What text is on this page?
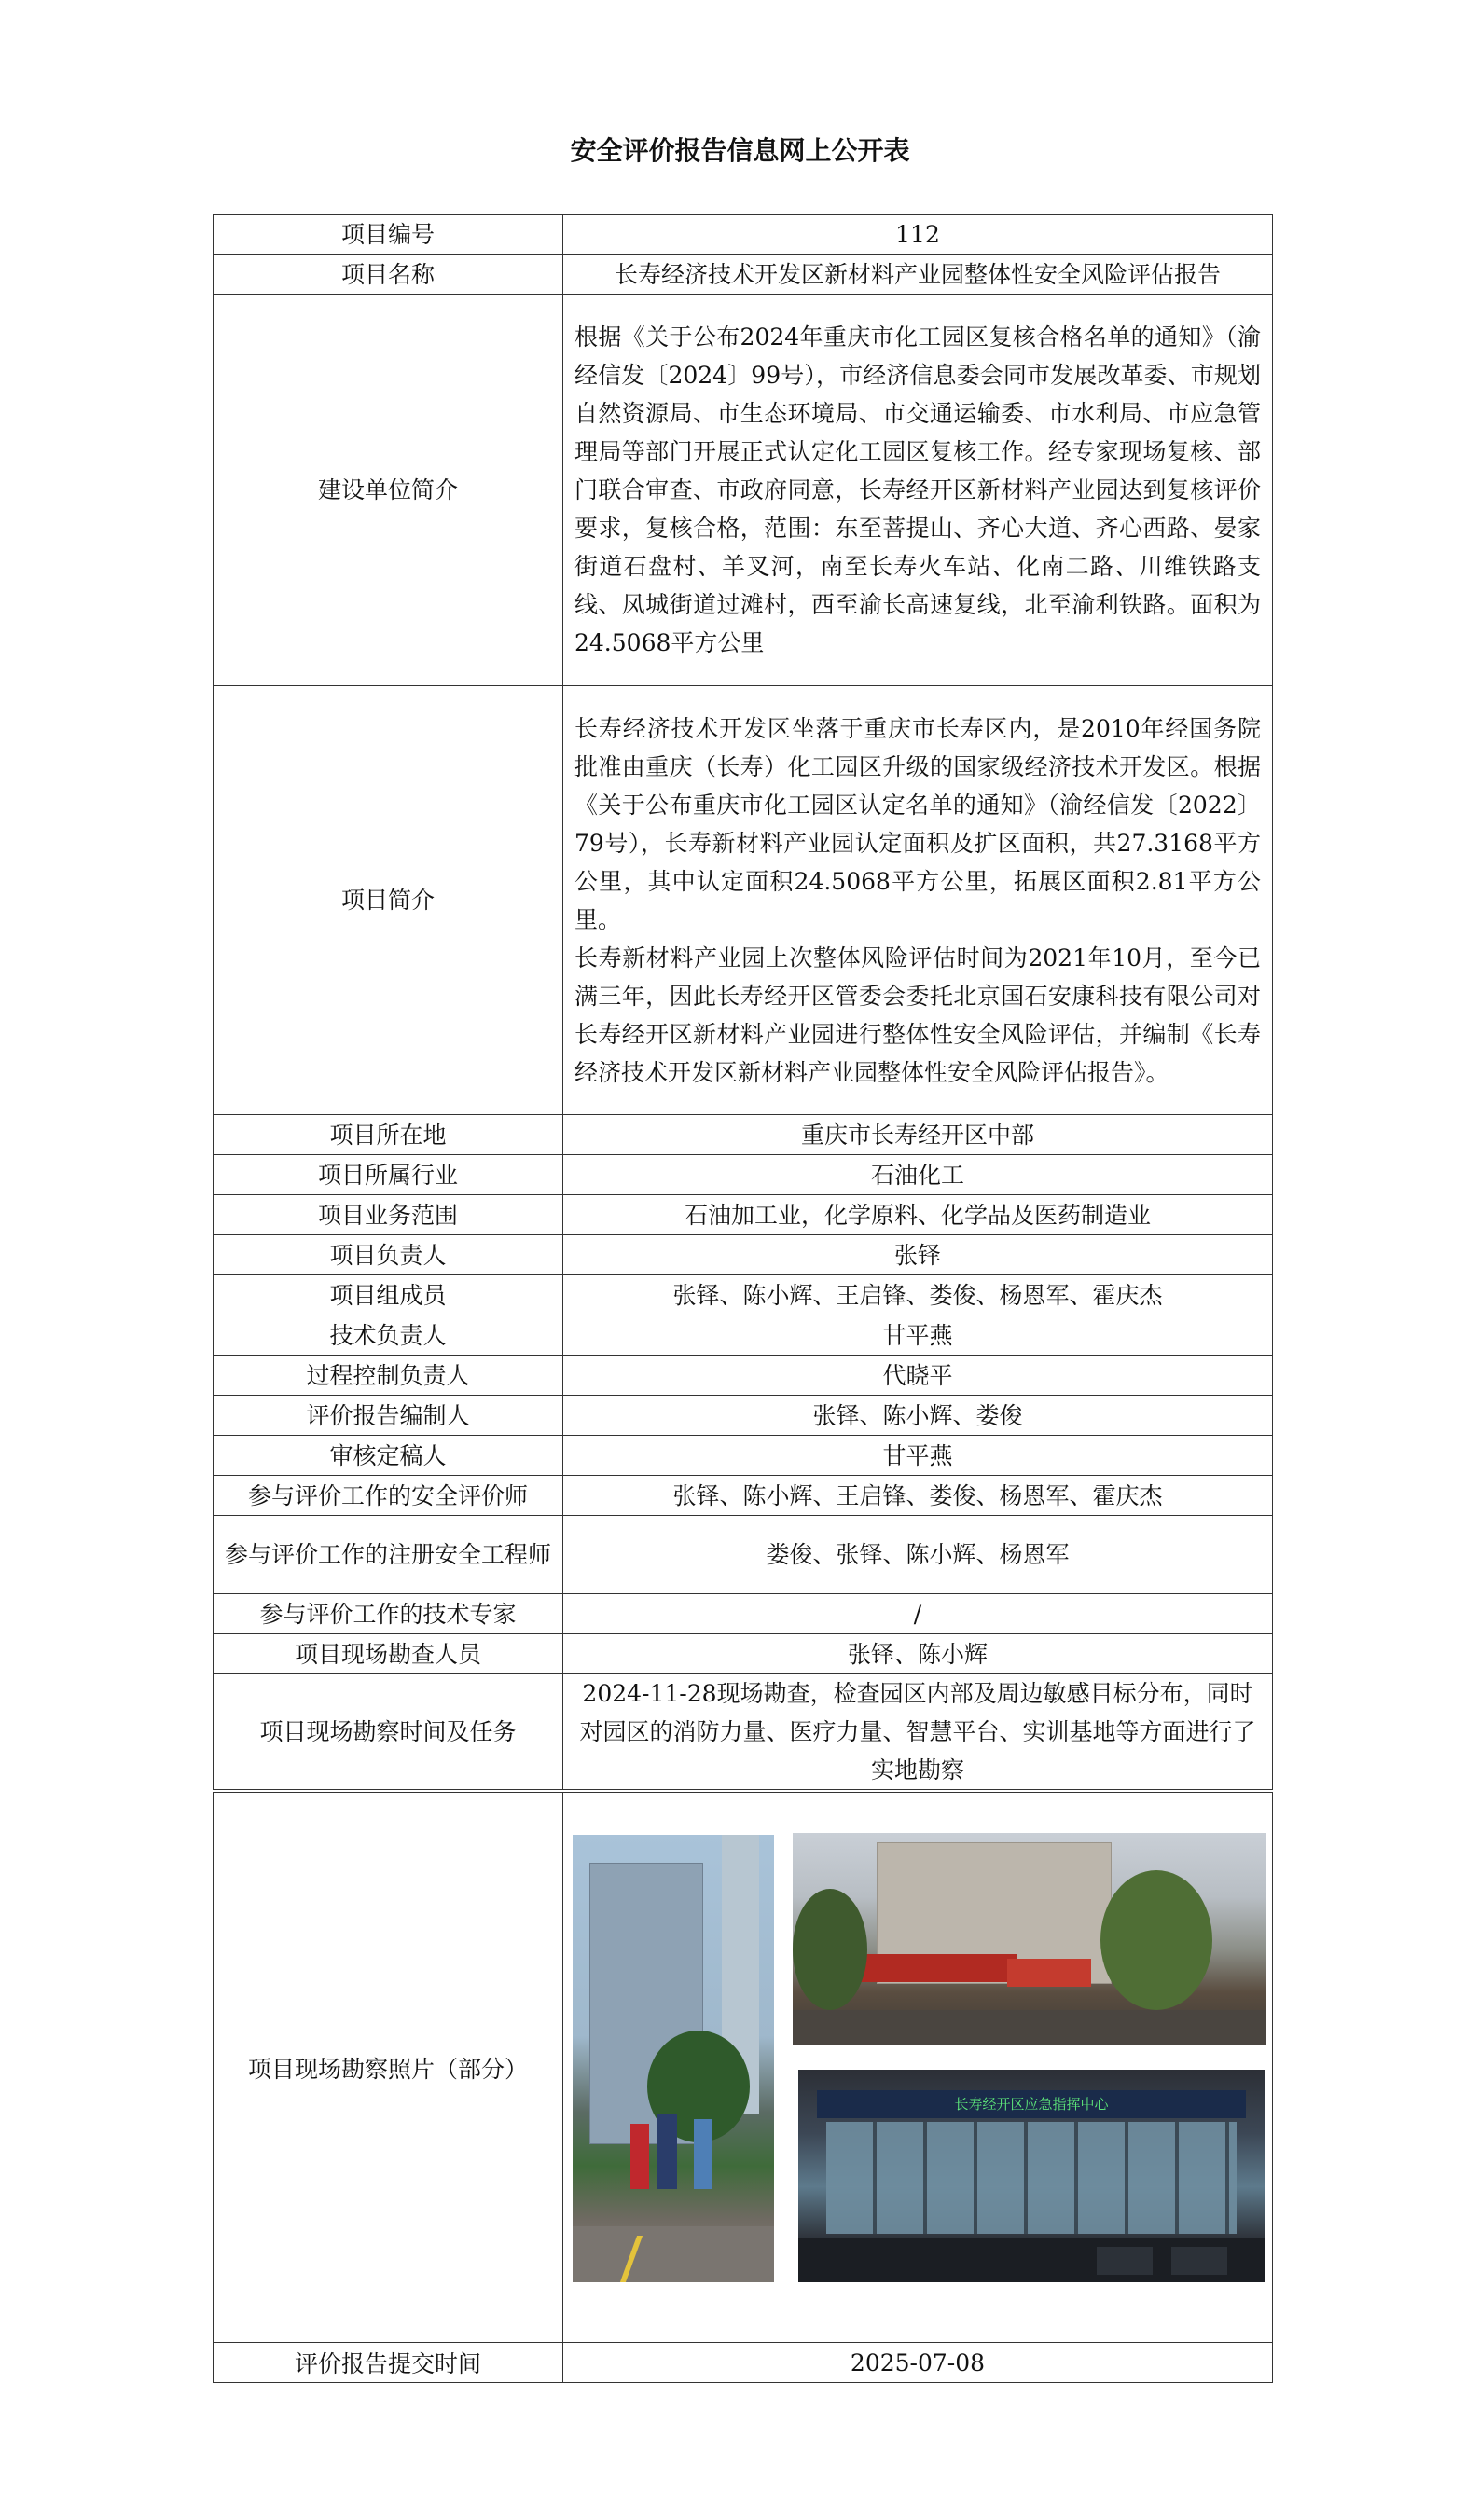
安全评价报告信息网上公开表
项目编号	112
项目名称	长寿经济技术开发区新材料产业园整体性安全风险评估报告
建设单位简介	根据《关于公布2024年重庆市化工园区复核合格名单的通知》（渝经信发〔2024〕99号），市经济信息委会同市发展改革委、市规划自然资源局、市生态环境局、市交通运输委、市水利局、市应急管理局等部门开展正式认定化工园区复核工作。经专家现场复核、部门联合审查、市政府同意，长寿经开区新材料产业园达到复核评价要求，复核合格，范围：东至菩提山、齐心大道、齐心西路、晏家街道石盘村、羊叉河，南至长寿火车站、化南二路、川维铁路支线、凤城街道过滩村，西至渝长高速复线，北至渝利铁路。面积为24.5068平方公里
项目简介	长寿经济技术开发区坐落于重庆市长寿区内，是2010年经国务院批准由重庆（长寿）化工园区升级的国家级经济技术开发区。根据《关于公布重庆市化工园区认定名单的通知》（渝经信发〔2022〕79号），长寿新材料产业园认定面积及扩区面积，共27.3168平方公里，其中认定面积24.5068平方公里，拓展区面积2.81平方公里。
长寿新材料产业园上次整体风险评估时间为2021年10月，至今已满三年，因此长寿经开区管委会委托北京国石安康科技有限公司对长寿经开区新材料产业园进行整体性安全风险评估，并编制《长寿经济技术开发区新材料产业园整体性安全风险评估报告》。

项目所在地	重庆市长寿经开区中部
项目所属行业	石油化工
项目业务范围	石油加工业，化学原料、化学品及医药制造业
项目负责人	张铎
项目组成员	张铎、陈小辉、王启锋、娄俊、杨恩军、霍庆杰
技术负责人	甘平燕
过程控制负责人	代晓平
评价报告编制人	张铎、陈小辉、娄俊
审核定稿人	甘平燕
参与评价工作的安全评价师	张铎、陈小辉、王启锋、娄俊、杨恩军、霍庆杰
参与评价工作的注册安全工程师	娄俊、张铎、陈小辉、杨恩军
参与评价工作的技术专家	/
项目现场勘查人员	张铎、陈小辉
项目现场勘察时间及任务	2024-11-28现场勘查，检查园区内部及周边敏感目标分布，同时对园区的消防力量、医疗力量、智慧平台、实训基地等方面进行了实地勘察
项目现场勘察照片（部分）	长寿经开区应急指挥中心

评价报告提交时间	2025-07-08
